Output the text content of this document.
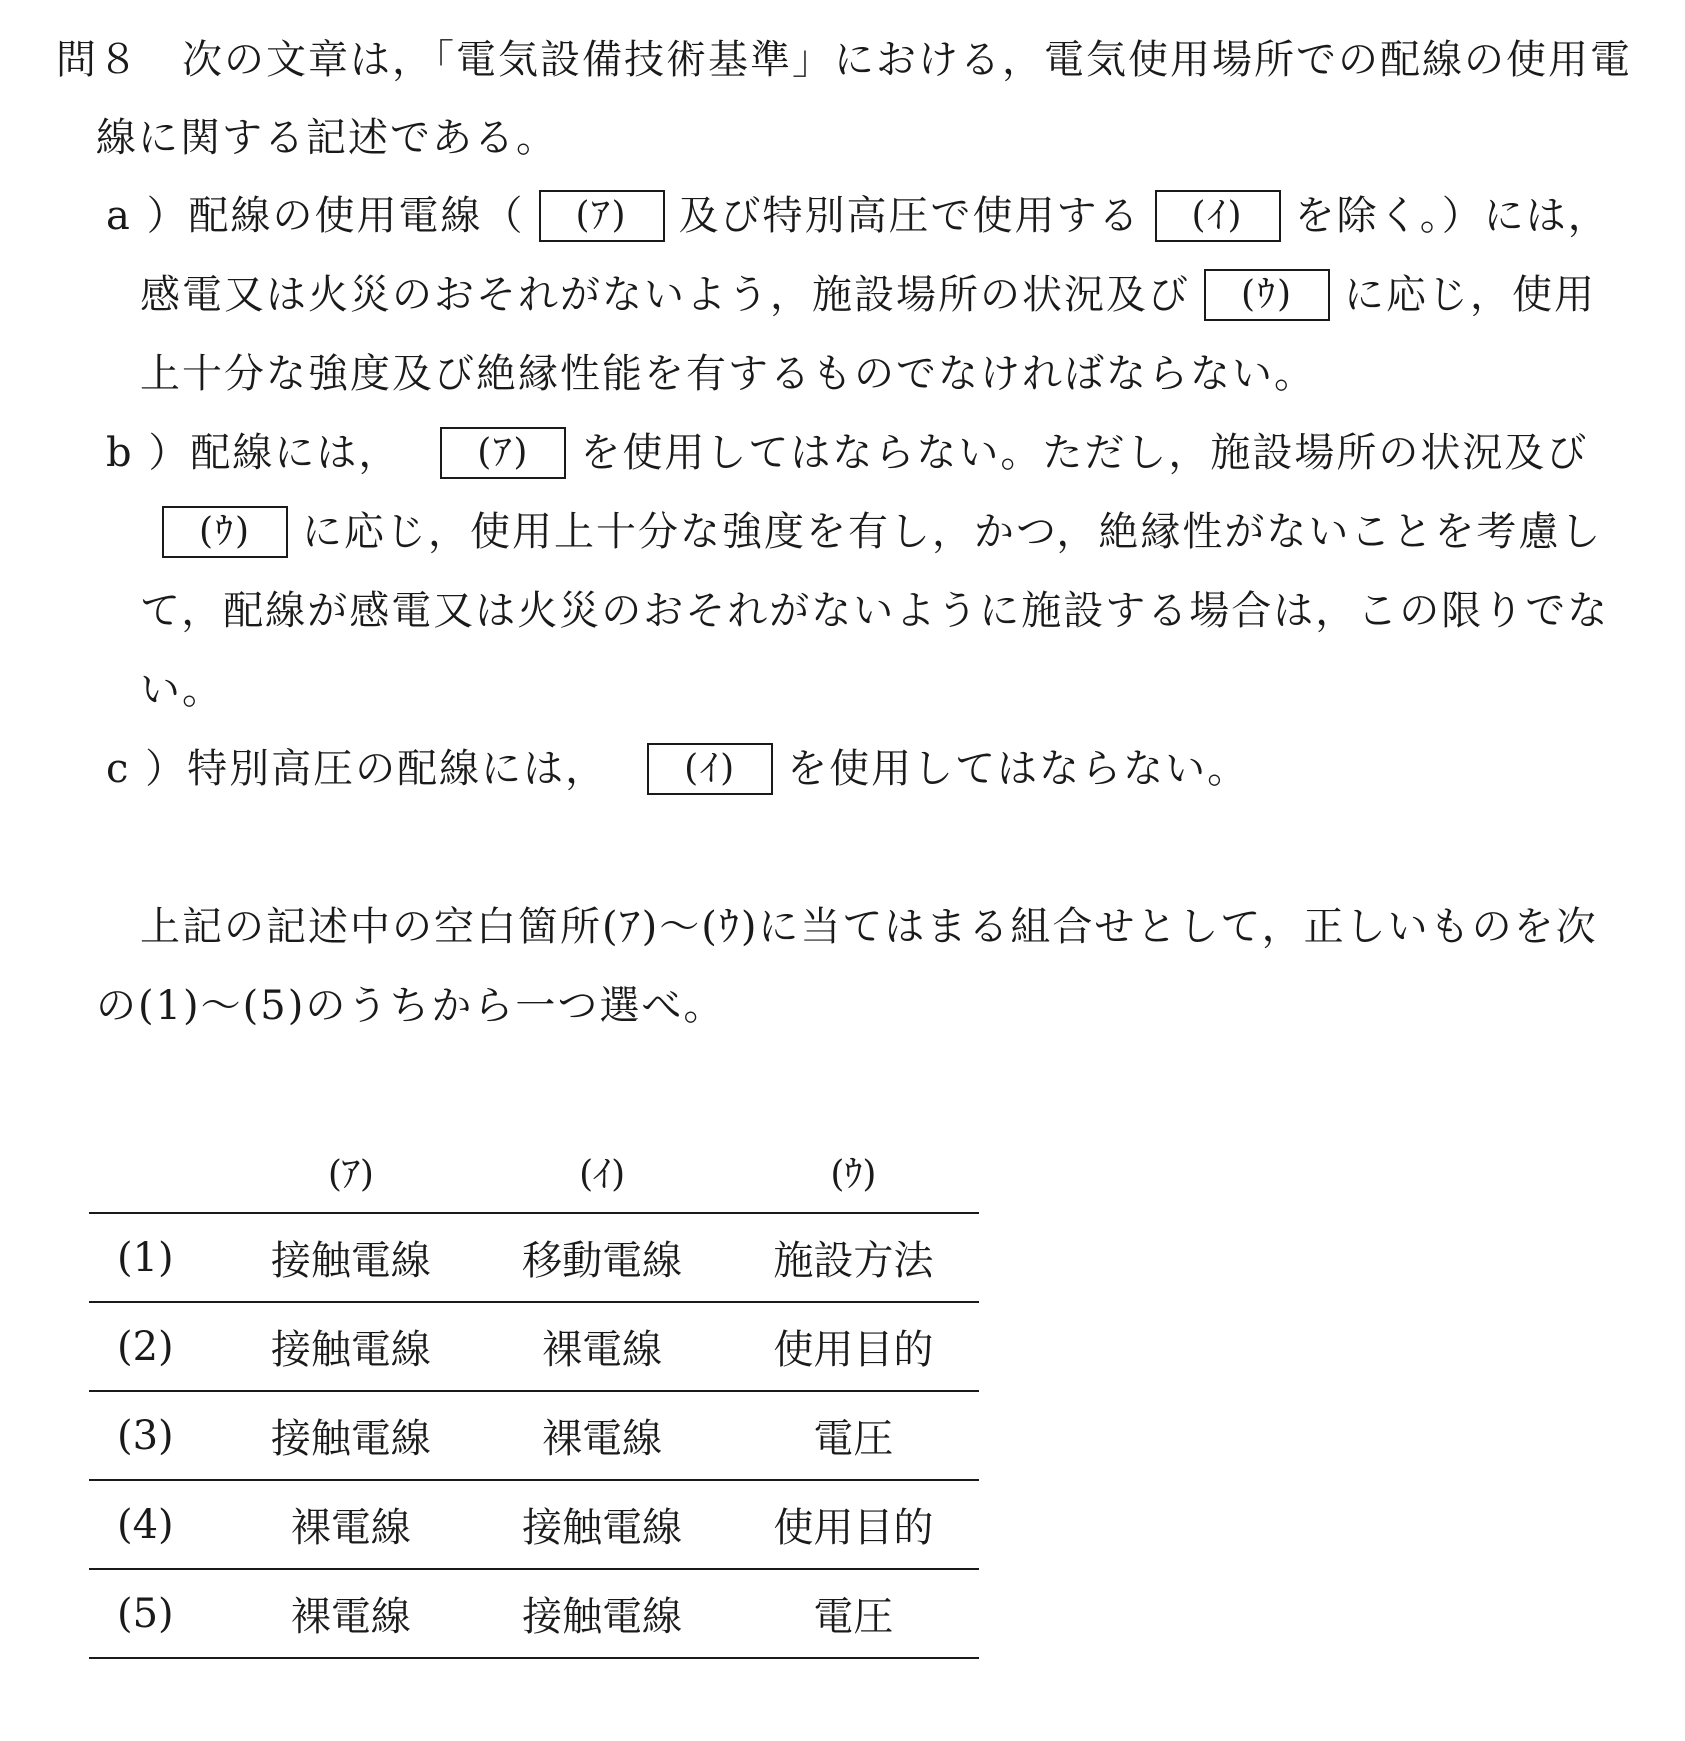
問８　次の文章は，「電気設備技術基準」における，電気使用場所での配線の使用電
線に関する記述である。
a ）配線の使用電線（ (ｱ) 及び特別高圧で使用する (ｲ) を除く。）には，
感電又は火災のおそれがないよう，施設場所の状況及び (ｳ) に応じ，使用
上十分な強度及び絶縁性能を有するものでなければならない。
b ）配線には， (ｱ) を使用してはならない。ただし，施設場所の状況及び
(ｳ) に応じ，使用上十分な強度を有し，かつ，絶縁性がないことを考慮し
て，配線が感電又は火災のおそれがないように施設する場合は，この限りでな
い。
c ）特別高圧の配線には， (ｲ) を使用してはならない。
上記の記述中の空白箇所(ｱ)～(ｳ)に当てはまる組合せとして，正しいものを次
の(1)～(5)のうちから一つ選べ。
	(ｱ)	(ｲ)	(ｳ)
(1)	接触電線	移動電線	施設方法
(2)	接触電線	裸電線	使用目的
(3)	接触電線	裸電線	電圧
(4)	裸電線	接触電線	使用目的
(5)	裸電線	接触電線	電圧
